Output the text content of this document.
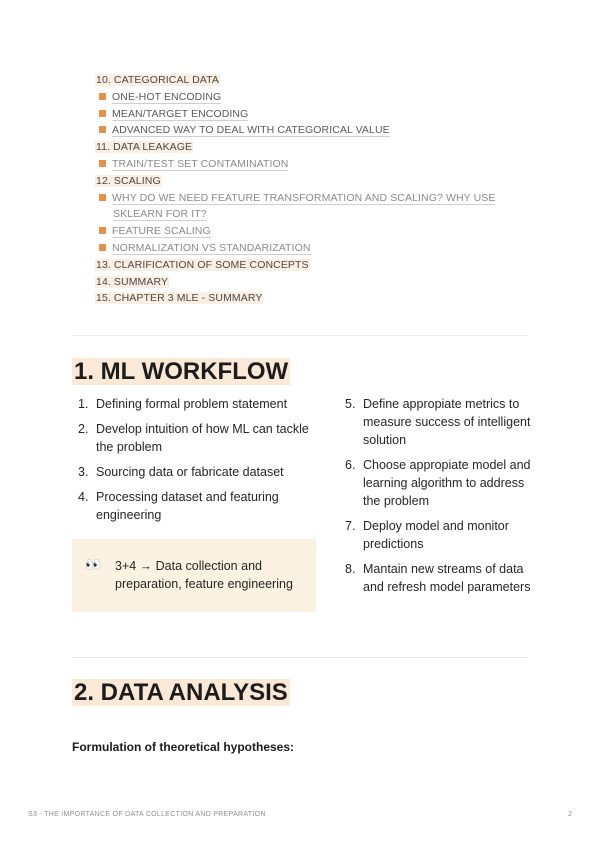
10. CATEGORICAL DATA
ONE-HOT ENCODING
MEAN/TARGET ENCODING
ADVANCED WAY TO DEAL WITH CATEGORICAL VALUE
11. DATA LEAKAGE
TRAIN/TEST SET CONTAMINATION
12. SCALING
WHY DO WE NEED FEATURE TRANSFORMATION AND SCALING? WHY USE SKLEARN FOR IT?
FEATURE SCALING
NORMALIZATION VS STANDARIZATION
13. CLARIFICATION OF SOME CONCEPTS
14. SUMMARY
15. CHAPTER 3 MLE - SUMMARY
1. ML WORKFLOW
1. Defining formal problem statement
2. Develop intuition of how ML can tackle the problem
3. Sourcing data or fabricate dataset
4. Processing dataset and featuring engineering
5. Define appropiate metrics to measure success of intelligent solution
6. Choose appropiate model and learning algorithm to address the problem
7. Deploy model and monitor predictions
8. Mantain new streams of data and refresh model parameters
👀 3+4 → Data collection and preparation, feature engineering
2. DATA ANALYSIS
Formulation of theoretical hypotheses:
S3 - THE IMPORTANCE OF DATA COLLECTION AND PREPARATION	2
